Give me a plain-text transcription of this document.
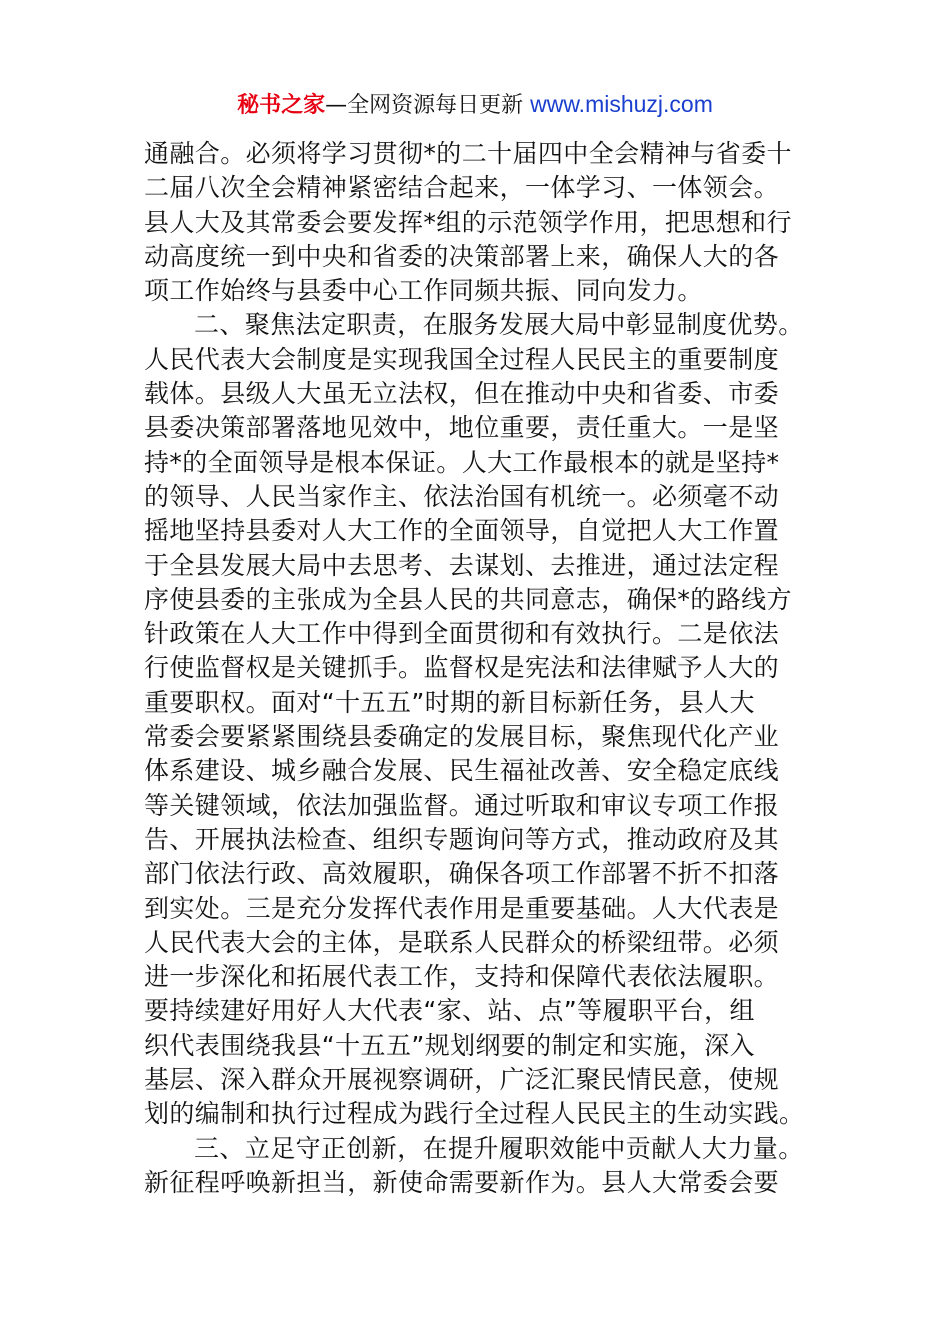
秘书之家—全网资源每日更新 www.mishuzj.com
通融合。必须将学习贯彻*的二十届四中全会精神与省委十
二届八次全会精神紧密结合起来，一体学习、一体领会。
县人大及其常委会要发挥*组的示范领学作用，把思想和行
动高度统一到中央和省委的决策部署上来，确保人大的各
项工作始终与县委中心工作同频共振、同向发力。
二、聚焦法定职责，在服务发展大局中彰显制度优势。
人民代表大会制度是实现我国全过程人民民主的重要制度
载体。县级人大虽无立法权，但在推动中央和省委、市委
县委决策部署落地见效中，地位重要，责任重大。一是坚
持*的全面领导是根本保证。人大工作最根本的就是坚持*
的领导、人民当家作主、依法治国有机统一。必须毫不动
摇地坚持县委对人大工作的全面领导，自觉把人大工作置
于全县发展大局中去思考、去谋划、去推进，通过法定程
序使县委的主张成为全县人民的共同意志，确保*的路线方
针政策在人大工作中得到全面贯彻和有效执行。二是依法
行使监督权是关键抓手。监督权是宪法和法律赋予人大的
重要职权。面对“十五五”时期的新目标新任务，县人大
常委会要紧紧围绕县委确定的发展目标，聚焦现代化产业
体系建设、城乡融合发展、民生福祉改善、安全稳定底线
等关键领域，依法加强监督。通过听取和审议专项工作报
告、开展执法检查、组织专题询问等方式，推动政府及其
部门依法行政、高效履职，确保各项工作部署不折不扣落
到实处。三是充分发挥代表作用是重要基础。人大代表是
人民代表大会的主体，是联系人民群众的桥梁纽带。必须
进一步深化和拓展代表工作，支持和保障代表依法履职。
要持续建好用好人大代表“家、站、点”等履职平台，组
织代表围绕我县“十五五”规划纲要的制定和实施，深入
基层、深入群众开展视察调研，广泛汇聚民情民意，使规
划的编制和执行过程成为践行全过程人民民主的生动实践。
三、立足守正创新，在提升履职效能中贡献人大力量。
新征程呼唤新担当，新使命需要新作为。县人大常委会要
